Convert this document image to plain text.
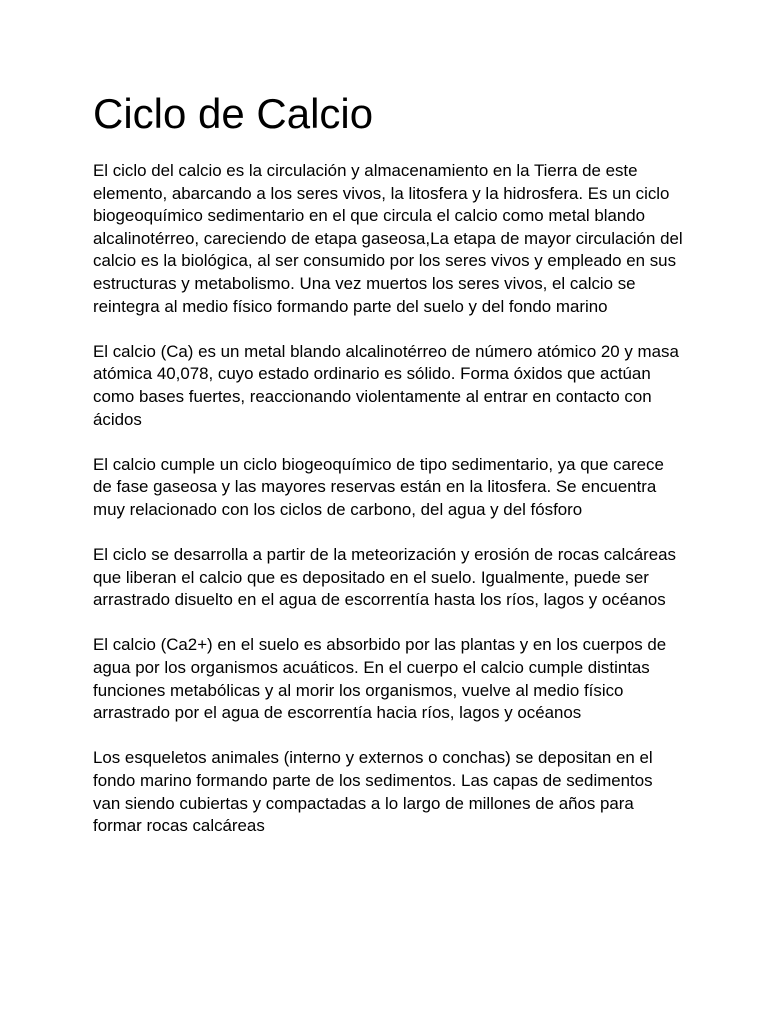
Ciclo de Calcio

El ciclo del calcio es la circulación y almacenamiento en la Tierra de este elemento, abarcando a los seres vivos, la litosfera y la hidrosfera. Es un ciclo biogeoquímico sedimentario en el que circula el calcio como metal blando alcalinotérreo, careciendo de etapa gaseosa,La etapa de mayor circulación del calcio es la biológica, al ser consumido por los seres vivos y empleado en sus estructuras y metabolismo. Una vez muertos los seres vivos, el calcio se reintegra al medio físico formando parte del suelo y del fondo marino

El calcio (Ca) es un metal blando alcalinotérreo de número atómico 20 y masa atómica 40,078, cuyo estado ordinario es sólido. Forma óxidos que actúan como bases fuertes, reaccionando violentamente al entrar en contacto con ácidos

El calcio cumple un ciclo biogeoquímico de tipo sedimentario, ya que carece de fase gaseosa y las mayores reservas están en la litosfera. Se encuentra muy relacionado con los ciclos de carbono, del agua y del fósforo

El ciclo se desarrolla a partir de la meteorización y erosión de rocas calcáreas que liberan el calcio que es depositado en el suelo. Igualmente, puede ser arrastrado disuelto en el agua de escorrentía hasta los ríos, lagos y océanos

El calcio (Ca2+) en el suelo es absorbido por las plantas y en los cuerpos de agua por los organismos acuáticos. En el cuerpo el calcio cumple distintas funciones metabólicas y al morir los organismos, vuelve al medio físico arrastrado por el agua de escorrentía hacia ríos, lagos y océanos

Los esqueletos animales (interno y externos o conchas) se depositan en el fondo marino formando parte de los sedimentos. Las capas de sedimentos van siendo cubiertas y compactadas a lo largo de millones de años para formar rocas calcáreas
